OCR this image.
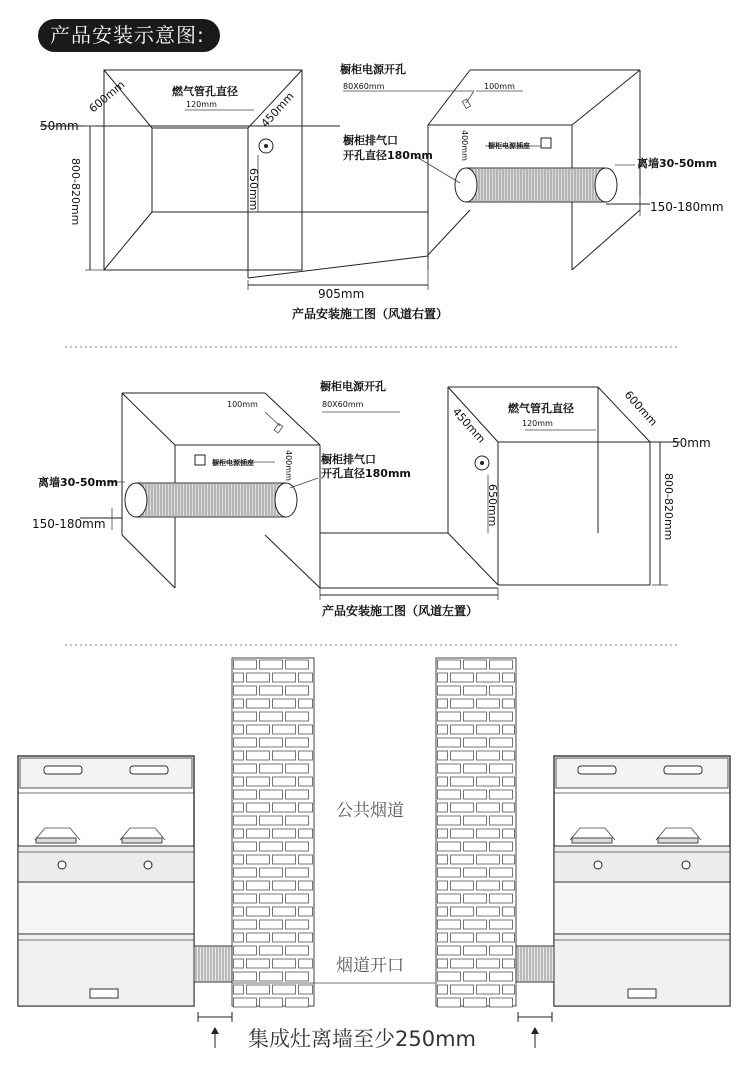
产品安装示意图:
600mm
50mm
800-820mm
燃气管孔直径
120mm	450mm
650mm
橱柜电源开孔
80X60mm	100mm
400mm	橱柜电源插座
橱柜排气口
开孔直径180mm
离墙30-50mm
150-180mm
905mm
产品安装施工图（风道右置）
橱柜电源开孔
100mm	80X60mm
橱柜电源插座	400mm	橱柜排气口
开孔直径180mm
离墙30-50mm
150-180mm
燃气管孔直径
120mm	600mm
450mm	50mm
650mm	800-820mm
产品安装施工图（风道左置）
公共烟道
烟道开口
集成灶离墙至少250mm
